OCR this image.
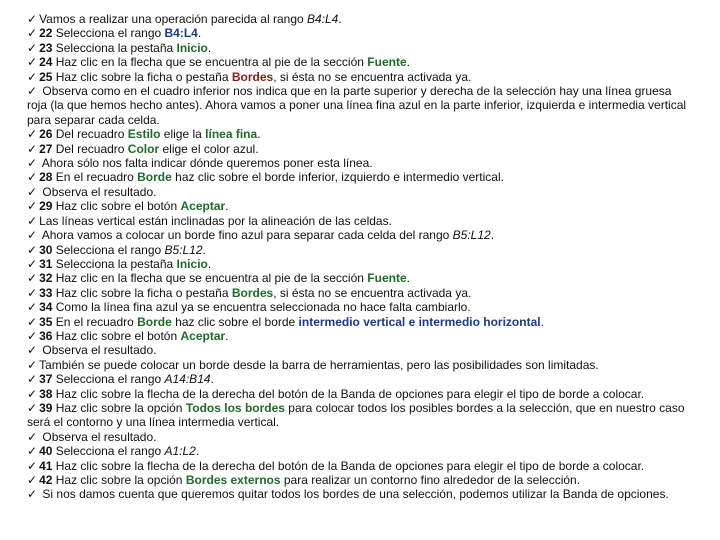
✓ Vamos a realizar una operación parecida al rango B4:L4.

✓ 22 Selecciona el rango B4:L4.

✓ 23 Selecciona la pestaña Inicio.

✓ 24 Haz clic en la flecha que se encuentra al pie de la sección Fuente.

✓ 25 Haz clic sobre la ficha o pestaña Bordes, si ésta no se encuentra activada ya.

✓ Observa como en el cuadro inferior nos indica que en la parte superior y derecha de la selección hay una línea gruesa roja (la que hemos hecho antes). Ahora vamos a poner una línea fina azul en la parte inferior, izquierda e intermedia vertical para separar cada celda.

✓ 26 Del recuadro Estilo elige la línea fina.

✓ 27 Del recuadro Color elige el color azul.

✓ Ahora sólo nos falta indicar dónde queremos poner esta línea.

✓ 28 En el recuadro Borde haz clic sobre el borde inferior, izquierdo e intermedio vertical.

✓ Observa el resultado.

✓ 29 Haz clic sobre el botón Aceptar.

✓ Las líneas vertical están inclinadas por la alineación de las celdas.

✓ Ahora vamos a colocar un borde fino azul para separar cada celda del rango B5:L12.

✓ 30 Selecciona el rango B5:L12.

✓ 31 Selecciona la pestaña Inicio.

✓ 32 Haz clic en la flecha que se encuentra al pie de la sección Fuente.

✓ 33 Haz clic sobre la ficha o pestaña Bordes, si ésta no se encuentra activada ya.

✓ 34 Como la línea fina azul ya se encuentra seleccionada no hace falta cambiarlo.

✓ 35 En el recuadro Borde haz clic sobre el borde intermedio vertical e intermedio horizontal.

✓ 36 Haz clic sobre el botón Aceptar.

✓ Observa el resultado.

✓ También se puede colocar un borde desde la barra de herramientas, pero las posibilidades son limitadas.

✓ 37 Selecciona el rango A14:B14.

✓ 38 Haz clic sobre la flecha de la derecha del botón de la Banda de opciones para elegir el tipo de borde a colocar.

✓ 39 Haz clic sobre la opción Todos los bordes para colocar todos los posibles bordes a la selección, que en nuestro caso será el contorno y una línea intermedia vertical.

✓ Observa el resultado.

✓ 40 Selecciona el rango A1:L2.

✓ 41 Haz clic sobre la flecha de la derecha del botón de la Banda de opciones para elegir el tipo de borde a colocar.

✓ 42 Haz clic sobre la opción Bordes externos para realizar un contorno fino alrededor de la selección.

✓ Si nos damos cuenta que queremos quitar todos los bordes de una selección, podemos utilizar la Banda de opciones.
